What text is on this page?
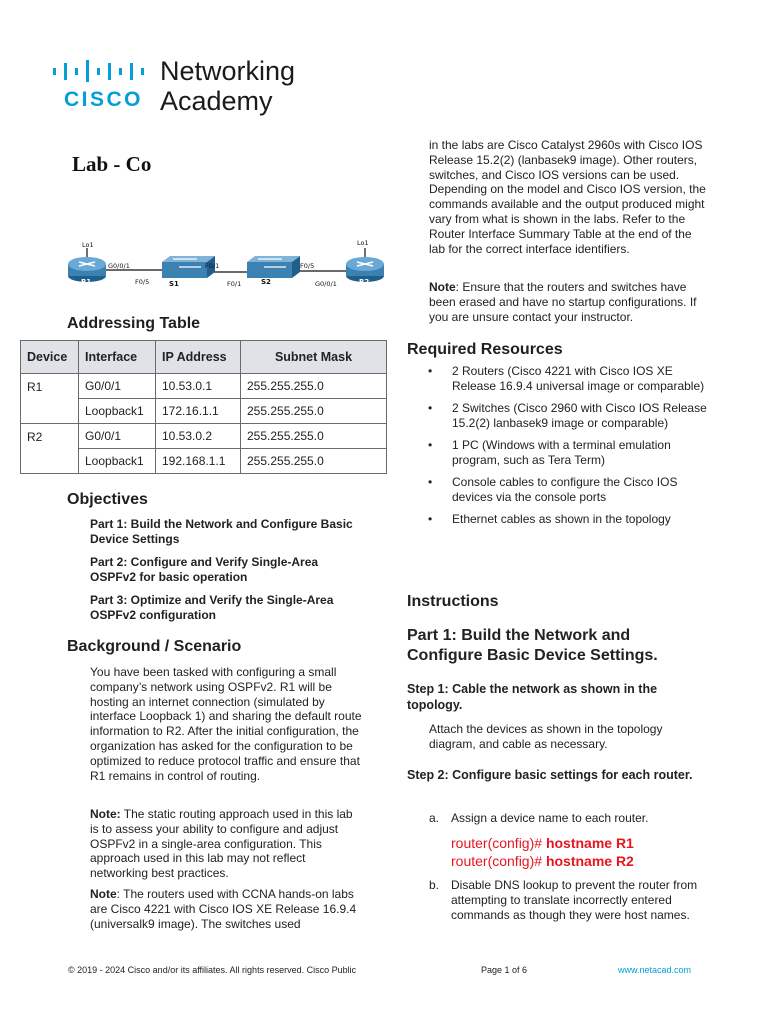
CISCO
Networking
Academy
Lab - Co
Lo1	Lo1
G0/0/1
F0/5
F0/1
F0/1
F0/5
G0/0/1
R1	R2
S1	S2
Addressing Table
Device	Interface	IP Address	Subnet Mask
R1	G0/0/1	10.53.0.1	255.255.255.0
	Loopback1	172.16.1.1	255.255.255.0
R2	G0/0/1	10.53.0.2	255.255.255.0
	Loopback1	192.168.1.1	255.255.255.0
Objectives
Part 1: Build the Network and Configure Basic Device Settings
Part 2: Configure and Verify Single-Area OSPFv2 for basic operation
Part 3: Optimize and Verify the Single-Area OSPFv2 configuration
Background / Scenario
You have been tasked with configuring a small company’s network using OSPFv2. R1 will be hosting an internet connection (simulated by interface Loopback 1) and sharing the default route information to R2. After the initial configuration, the organization has asked for the configuration to be optimized to reduce protocol traffic and ensure that R1 remains in control of routing.
Note: The static routing approach used in this lab is to assess your ability to configure and adjust OSPFv2 in a single-area configuration. This approach used in this lab may not reflect networking best practices.
Note: The routers used with CCNA hands-on labs are Cisco 4221 with Cisco IOS XE Release 16.9.4 (universalk9 image). The switches used
in the labs are Cisco Catalyst 2960s with Cisco IOS Release 15.2(2) (lanbasek9 image). Other routers, switches, and Cisco IOS versions can be used. Depending on the model and Cisco IOS version, the commands available and the output produced might vary from what is shown in the labs. Refer to the Router Interface Summary Table at the end of the lab for the correct interface identifiers.
Note: Ensure that the routers and switches have been erased and have no startup configurations. If you are unsure contact your instructor.
Required Resources
• 2 Routers (Cisco 4221 with Cisco IOS XE Release 16.9.4 universal image or comparable)
• 2 Switches (Cisco 2960 with Cisco IOS Release 15.2(2) lanbasek9 image or comparable)
• 1 PC (Windows with a terminal emulation program, such as Tera Term)
• Console cables to configure the Cisco IOS devices via the console ports
• Ethernet cables as shown in the topology
Instructions
Part 1: Build the Network and Configure Basic Device Settings.
Step 1: Cable the network as shown in the topology.
Attach the devices as shown in the topology diagram, and cable as necessary.
Step 2: Configure basic settings for each router.
a. Assign a device name to each router.
router(config)# hostname R1
router(config)# hostname R2
b. Disable DNS lookup to prevent the router from attempting to translate incorrectly entered commands as though they were host names.
© 2019 - 2024 Cisco and/or its affiliates. All rights reserved. Cisco Public	Page 1 of 6	www.netacad.com
